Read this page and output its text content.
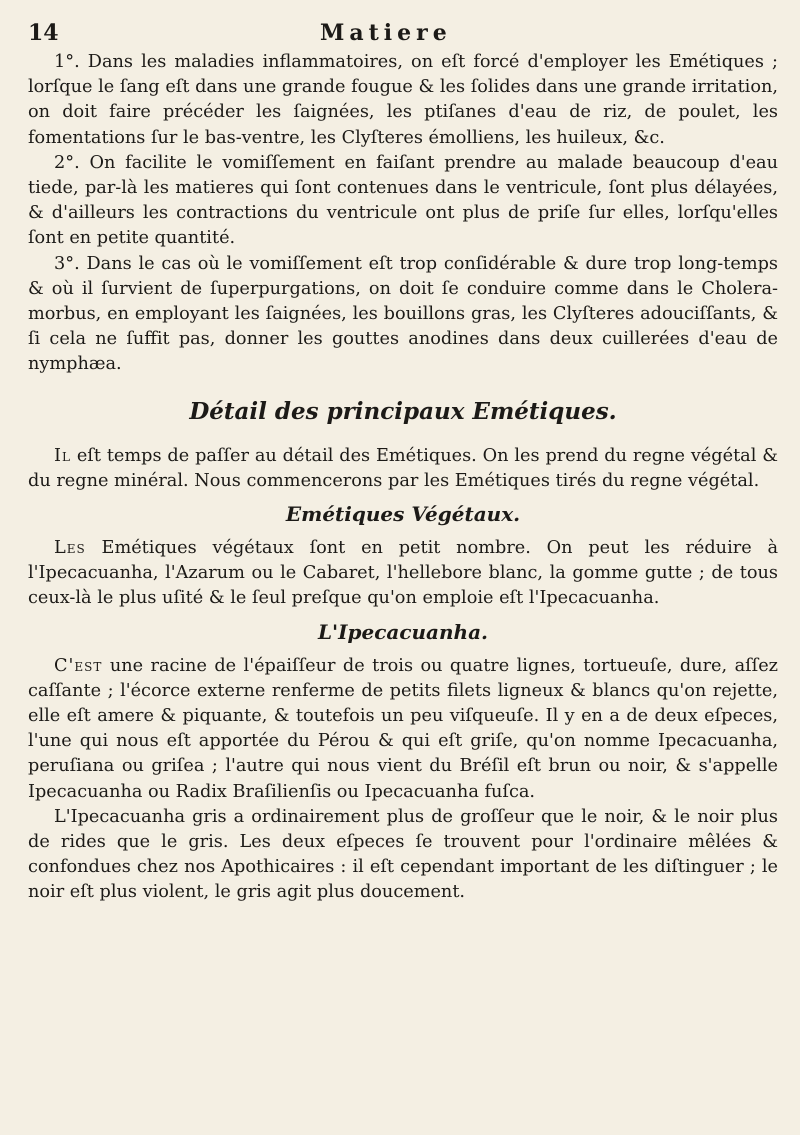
14	Matiere

1°. Dans les maladies inflammatoires, on eſt forcé d'employer les Emétiques ; lorſque le ſang eſt dans une grande fougue & les ſolides dans une grande irritation, on doit faire précéder les ſaignées, les ptiſanes d'eau de riz, de poulet, les fomentations ſur le bas-ventre, les Clyſteres émolliens, les huileux, &c.

2°. On facilite le vomiſſement en faiſant prendre au malade beaucoup d'eau tiede, par-là les matieres qui ſont contenues dans le ventricule, ſont plus délayées, & d'ailleurs les contractions du ventricule ont plus de priſe ſur elles, lorſqu'elles ſont en petite quantité.

3°. Dans le cas où le vomiſſement eſt trop conſidérable & dure trop long-temps & où il ſurvient de ſuperpurgations, on doit ſe conduire comme dans le Cholera-morbus, en employant les ſaignées, les bouillons gras, les Clyſteres adouciſſants, & ſi cela ne ſuffit pas, donner les gouttes anodines dans deux cuillerées d'eau de nymphæa.

Détail des principaux Emétiques.

Il eſt temps de paſſer au détail des Emétiques. On les prend du regne végétal & du regne minéral. Nous commencerons par les Emétiques tirés du regne végétal.

Emétiques Végétaux.

Les Emétiques végétaux ſont en petit nombre. On peut les réduire à l'Ipecacuanha, l'Azarum ou le Cabaret, l'hellebore blanc, la gomme gutte ; de tous ceux-là le plus uſité & le ſeul preſque qu'on emploie eſt l'Ipecacuanha.

L'Ipecacuanha.

C'est une racine de l'épaiſſeur de trois ou quatre lignes, tortueuſe, dure, aſſez caſſante ; l'écorce externe renferme de petits filets ligneux & blancs qu'on rejette, elle eſt amere & piquante, & toutefois un peu viſqueuſe. Il y en a de deux eſpeces, l'une qui nous eſt apportée du Pérou & qui eſt griſe, qu'on nomme Ipecacuanha, peruſiana ou griſea ; l'autre qui nous vient du Bréſil eſt brun ou noir, & s'appelle Ipecacuanha ou Radix Braſilienſis ou Ipecacuanha fuſca.

L'Ipecacuanha gris a ordinairement plus de groſſeur que le noir, & le noir plus de rides que le gris. Les deux eſpeces ſe trouvent pour l'ordinaire mêlées & confondues chez nos Apothicaires : il eſt cependant important de les diſtinguer ; le noir eſt plus violent, le gris agit plus doucement.
